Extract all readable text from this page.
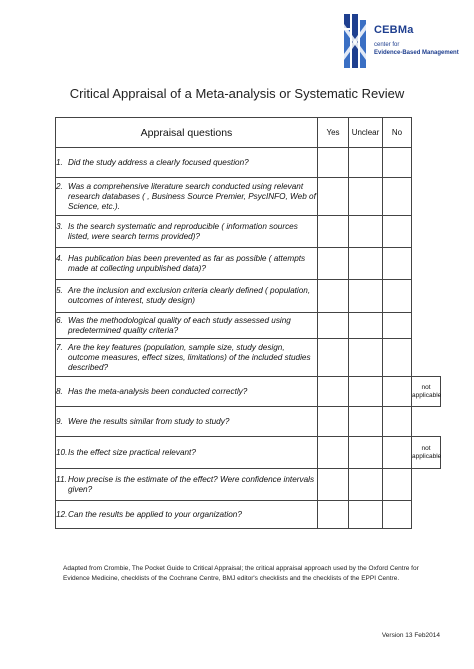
CEBMa
center for
Evidence-Based Management
Critical Appraisal of a Meta-analysis or Systematic Review
Appraisal questions	Yes	Unclear	No	

1. Did the study address a clearly focused question?				

2. Was a comprehensive literature search conducted using relevant research databases ( , Business Source Premier, PsycINFO, Web of Science, etc.).				

3. Is the search systematic and reproducible ( information sources listed, were search terms provided)?				

4. Has publication bias been prevented as far as possible ( attempts made at collecting unpublished data)?				

5. Are the inclusion and exclusion criteria clearly defined ( population, outcomes of interest, study design)				

6. Was the methodological quality of each study assessed using predetermined quality criteria?				

7. Are the key features (population, sample size, study design, outcome measures, effect sizes, limitations) of the included studies described?				

8. Has the meta-analysis been conducted correctly?				not applicable

9. Were the results similar from study to study?				

10. Is the effect size practical relevant?				not applicable

11. How precise is the estimate of the effect? Were confidence intervals given?				

12. Can the results be applied to your organization?				

Adapted from Crombie, The Pocket Guide to Critical Appraisal; the critical appraisal approach used by the Oxford Centre for Evidence Medicine, checklists of the Cochrane Centre, BMJ editor's checklists and the checklists of the EPPI Centre.
Version 13 Feb2014
